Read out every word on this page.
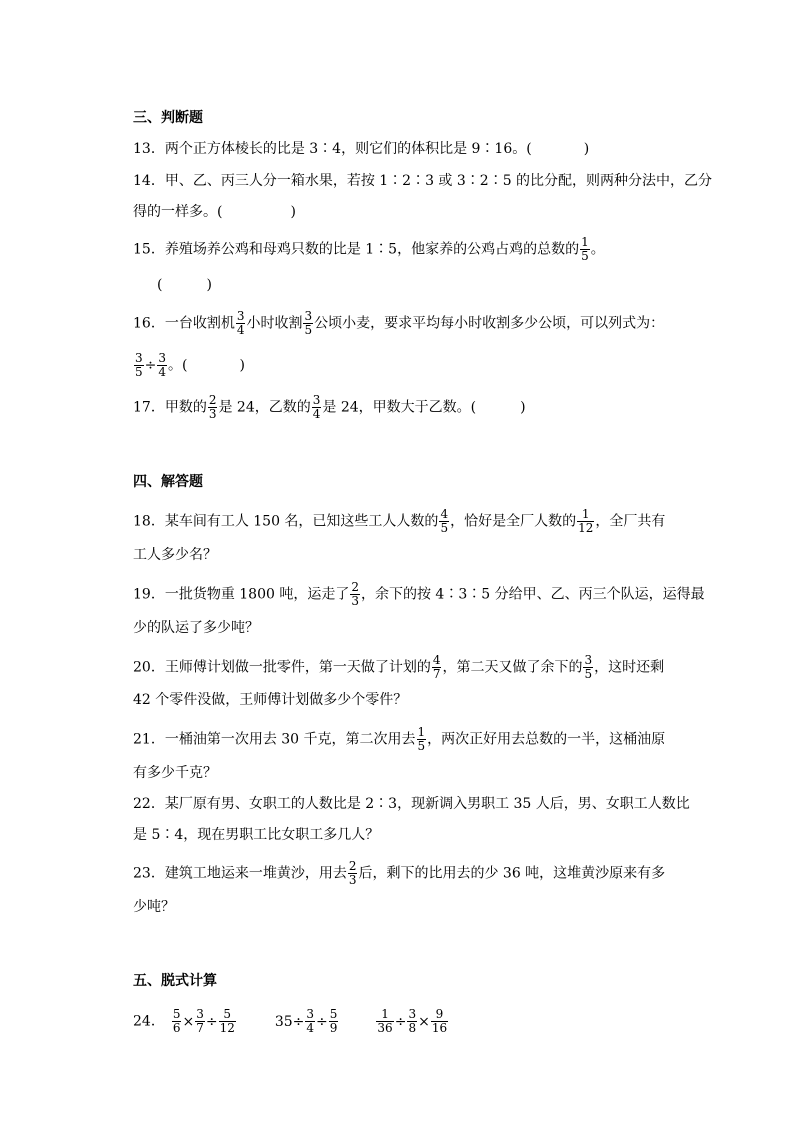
三、判断题
13．两个正方体棱长的比是 3∶4，则它们的体积比是 9∶16。(	)
14．甲、乙、丙三人分一箱水果，若按 1∶2∶3 或 3∶2∶5 的比分配，则两种分法中，乙分
得的一样多。(	)
15．养殖场养公鸡和母鸡只数的比是 1∶5，他家养的公鸡占鸡的总数的 $\frac{1}{5}$ 。
(	)
16．一台收割机 $\frac{3}{4}$ 小时收割 $\frac{3}{5}$ 公顷小麦，要求平均每小时收割多少公顷，可以列式为：
$\frac{3}{5} \div \frac{3}{4}$ 。(	)
17．甲数的 $\frac{2}{3}$ 是 24，乙数的 $\frac{3}{4}$ 是 24，甲数大于乙数。(	)
四、解答题
18．某车间有工人 150 名，已知这些工人人数的 $\frac{4}{5}$ ，恰好是全厂人数的 $\frac{1}{12}$ ，全厂共有
工人多少名？
19．一批货物重 1800 吨，运走了 $\frac{2}{3}$ ，余下的按 4∶3∶5 分给甲、乙、丙三个队运，运得最
少的队运了多少吨？
20．王师傅计划做一批零件，第一天做了计划的 $\frac{4}{7}$ ，第二天又做了余下的 $\frac{3}{5}$ ，这时还剩
42 个零件没做，王师傅计划做多少个零件？
21．一桶油第一次用去 30 千克，第二次用去 $\frac{1}{5}$ ，两次正好用去总数的一半，这桶油原
有多少千克？
22．某厂原有男、女职工的人数比是 2∶3，现新调入男职工 35 人后，男、女职工人数比
是 5∶4，现在男职工比女职工多几人？
23．建筑工地运来一堆黄沙，用去 $\frac{2}{3}$ 后，剩下的比用去的少 36 吨，这堆黄沙原来有多
少吨？
五、脱式计算
24． $\frac{5}{6} \times \frac{3}{7} \div \frac{5}{12}$	$35\div \frac{3}{4} \div \frac{5}{9}$	$\frac{1}{36} \div \frac{3}{8} \times \frac{9}{16}$
